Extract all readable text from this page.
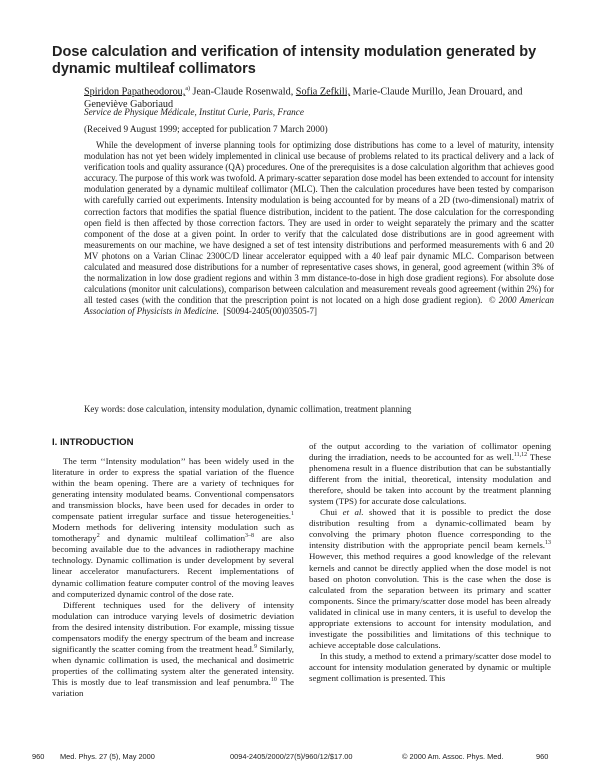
Dose calculation and verification of intensity modulation generated by dynamic multileaf collimators
Spiridon Papatheodorou,$^{a)}$ Jean-Claude Rosenwald, Sofia Zefkili, Marie-Claude Murillo, Jean Drouard, and Geneviève Gaboriaud
Service de Physique Médicale, Institut Curie, Paris, France
(Received 9 August 1999; accepted for publication 7 March 2000)
While the development of inverse planning tools for optimizing dose distributions has come to a level of maturity, intensity modulation has not yet been widely implemented in clinical use because of problems related to its practical delivery and a lack of verification tools and quality assurance (QA) procedures. One of the prerequisites is a dose calculation algorithm that achieves good accuracy. The purpose of this work was twofold. A primary-scatter separation dose model has been extended to account for intensity modulation generated by a dynamic multileaf collimator (MLC). Then the calculation procedures have been tested by comparison with carefully carried out experiments. Intensity modulation is being accounted for by means of a 2D (two-dimensional) matrix of correction factors that modifies the spatial fluence distribution, incident to the patient. The dose calculation for the corresponding open field is then affected by those correction factors. They are used in order to weight separately the primary and the scatter component of the dose at a given point. In order to verify that the calculated dose distributions are in good agreement with measurements on our machine, we have designed a set of test intensity distributions and performed measurements with 6 and 20 MV photons on a Varian Clinac 2300C/D linear accelerator equipped with a 40 leaf pair dynamic MLC. Comparison between calculated and measured dose distributions for a number of representative cases shows, in general, good agreement (within 3% of the normalization in low dose gradient regions and within 3 mm distance-to-dose in high dose gradient regions). For absolute dose calculations (monitor unit calculations), comparison between calculation and measurement reveals good agreement (within 2%) for all tested cases (with the condition that the prescription point is not located on a high dose gradient region). © 2000 American Association of Physicists in Medicine. [S0094-2405(00)03505-7]
Key words: dose calculation, intensity modulation, dynamic collimation, treatment planning
I. INTRODUCTION

The term ‘‘Intensity modulation’’ has been widely used in the literature in order to express the spatial variation of the fluence within the beam opening. There are a variety of techniques for generating intensity modulated beams. Conventional compensators and transmission blocks, have been used for decades in order to compensate patient irregular surface and tissue heterogeneities.$^1$ Modern methods for delivering intensity modulation such as tomotherapy$^2$ and dynamic multileaf collimation$^{3-8}$ are also becoming available due to the advances in radiotherapy machine technology. Dynamic collimation is under development by several linear accelerator manufacturers. Recent implementations of dynamic collimation feature computer control of the moving leaves and computerized dynamic control of the dose rate.

Different techniques used for the delivery of intensity modulation can introduce varying levels of dosimetric deviation from the desired intensity distribution. For example, missing tissue compensators modify the energy spectrum of the beam and increase significantly the scatter coming from the treatment head.$^9$ Similarly, when dynamic collimation is used, the mechanical and dosimetric properties of the collimating system alter the generated intensity. This is mostly due to leaf transmission and leaf penumbra.$^{10}$ The variation

of the output according to the variation of collimator opening during the irradiation, needs to be accounted for as well.$^{11,12}$ These phenomena result in a fluence distribution that can be substantially different from the initial, theoretical, intensity modulation and therefore, should be taken into account by the treatment planning system (TPS) for accurate dose calculations.

Chui et al. showed that it is possible to predict the dose distribution resulting from a dynamic-collimated beam by convolving the primary photon fluence corresponding to the intensity distribution with the appropriate pencil beam kernels.$^{13}$ However, this method requires a good knowledge of the relevant kernels and cannot be directly applied when the dose model is not based on photon convolution. This is the case when the dose is calculated from the separation between its primary and scatter components. Since the primary/scatter dose model has been already validated in clinical use in many centers, it is useful to develop the appropriate extensions to account for intensity modulation, and investigate the possibilities and limitations of this technique to achieve acceptable dose calculations.

In this study, a method to extend a primary/scatter dose model to account for intensity modulation generated by dynamic or multiple segment collimation is presented. This

960 Med. Phys. 27 (5), May 2000	0094-2405/2000/27(5)/960/12/$17.00	© 2000 Am. Assoc. Phys. Med.	960
